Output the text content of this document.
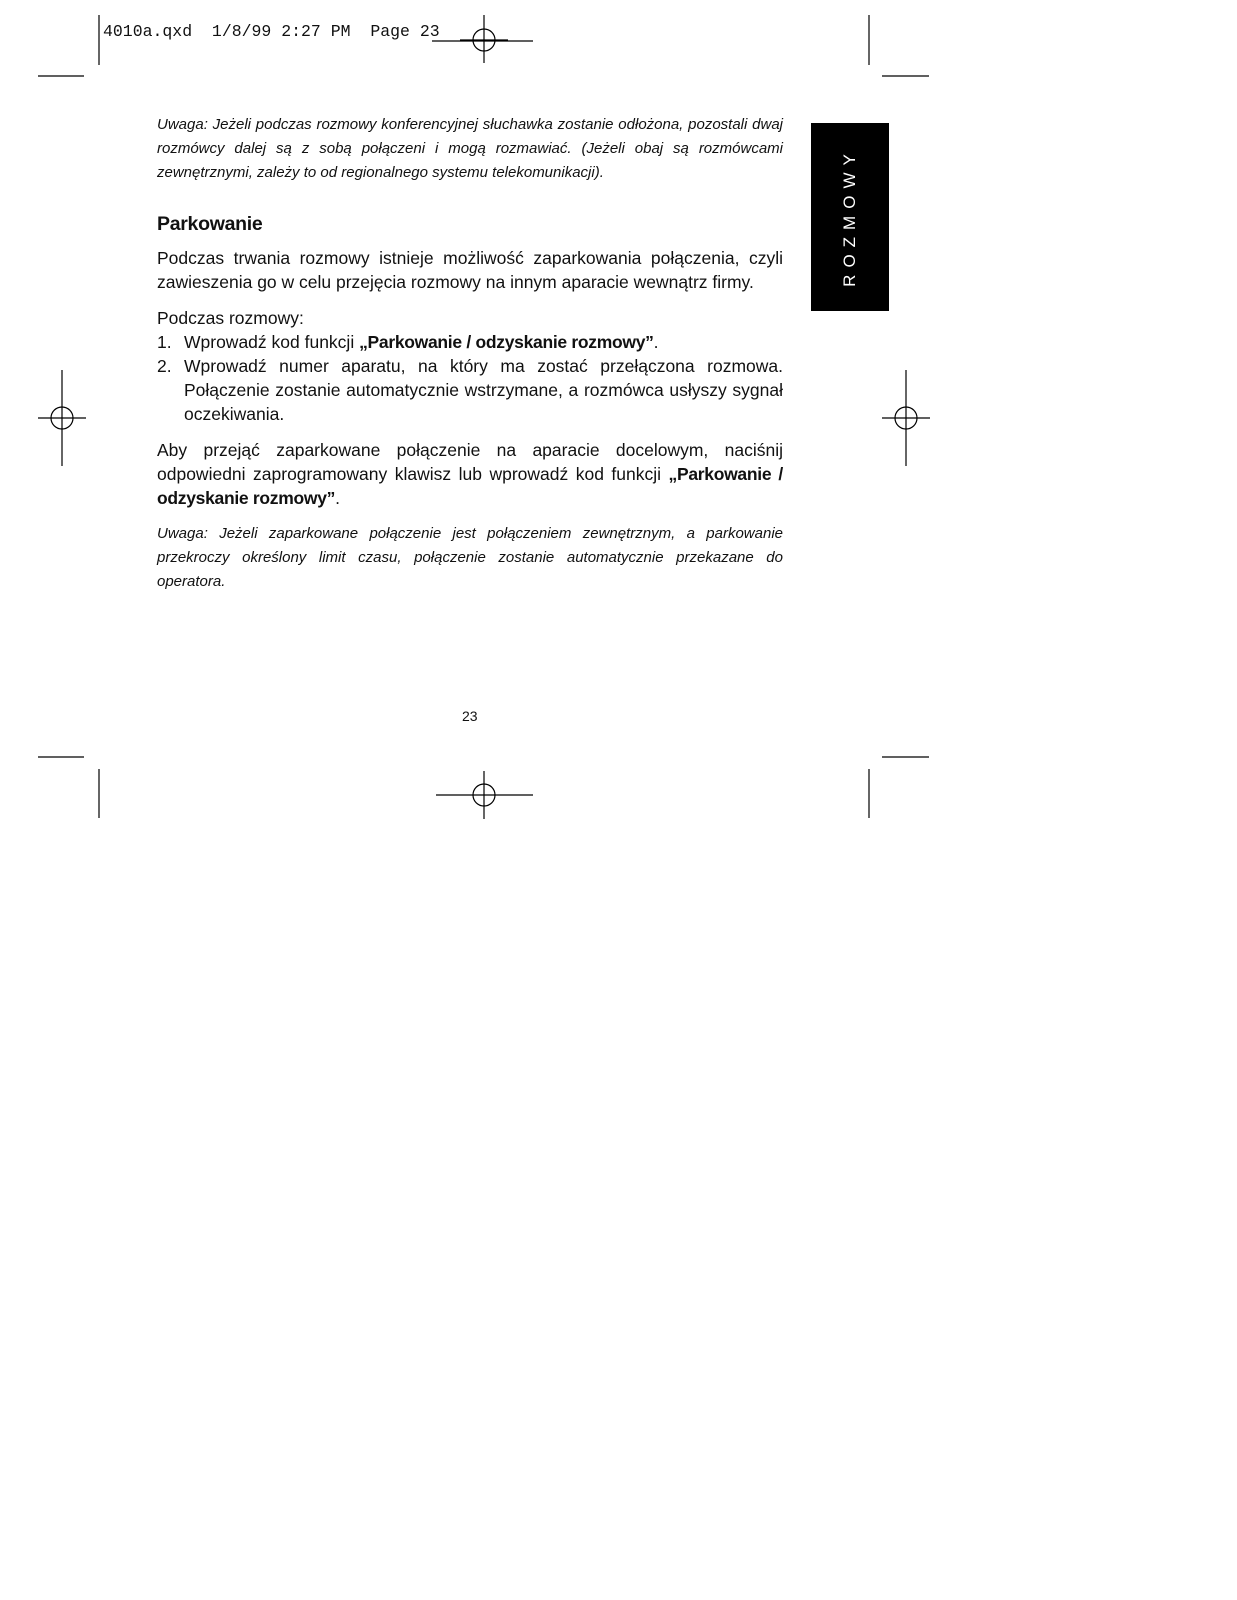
4010a.qxd  1/8/99 2:27 PM  Page 23
ROZMOWY

Uwaga: Jeżeli podczas rozmowy konferencyjnej słuchawka zostanie odłożona, pozostali dwaj rozmówcy dalej są z sobą połączeni i mogą rozmawiać. (Jeżeli obaj są rozmówcami zewnętrznymi, zależy to od regionalnego systemu telekomunikacji).

Parkowanie

Podczas trwania rozmowy istnieje możliwość zaparkowania połączenia, czyli zawieszenia go w celu przejęcia rozmowy na innym aparacie wewnątrz firmy.

Podczas rozmowy:

1. Wprowadź kod funkcji „Parkowanie / odzyskanie rozmowy”.
2. Wprowadź numer aparatu, na który ma zostać przełączona rozmowa. Połączenie zostanie automatycznie wstrzymane, a rozmówca usłyszy sygnał oczekiwania.

Aby przejąć zaparkowane połączenie na aparacie docelowym, naciśnij odpowiedni zaprogramowany klawisz lub wprowadź kod funkcji „Parkowanie / odzyskanie rozmowy”.

Uwaga: Jeżeli zaparkowane połączenie jest połączeniem zewnętrznym, a parkowanie przekroczy określony limit czasu, połączenie zostanie automatycznie przekazane do operatora.

23
